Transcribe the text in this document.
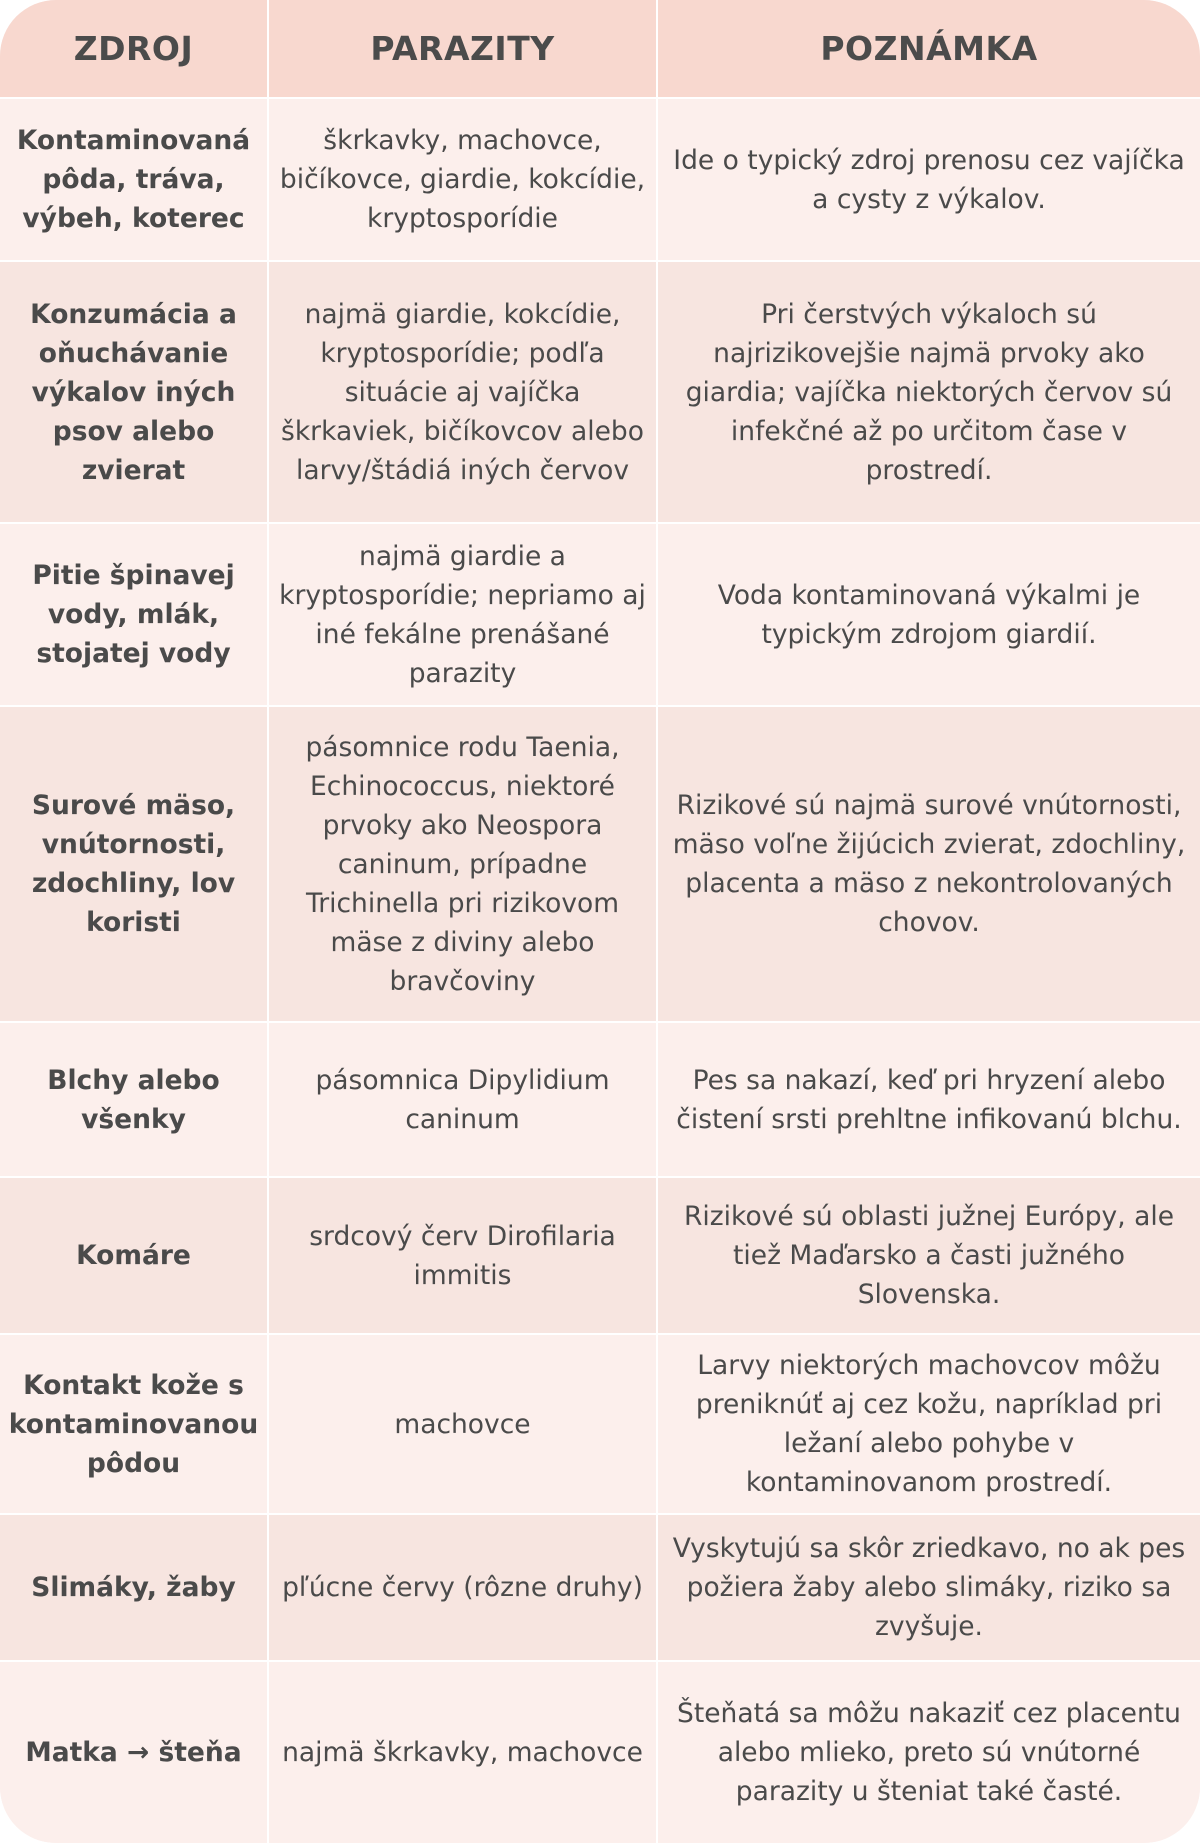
ZDROJ	PARAZITY	POZNÁMKA
Kontaminovaná pôda, tráva, výbeh, koterec	škrkavky, machovce, bičíkovce, giardie, kokcídie, kryptosporídie	Ide o typický zdroj prenosu cez vajíčka a cysty z výkalov.
Konzumácia a oňuchávanie výkalov iných psov alebo zvierat	najmä giardie, kokcídie, kryptosporídie; podľa situácie aj vajíčka škrkaviek, bičíkovcov alebo larvy/štádiá iných červov	Pri čerstvých výkaloch sú najrizikovejšie najmä prvoky ako giardia; vajíčka niektorých červov sú infekčné až po určitom čase v prostredí.
Pitie špinavej vody, mlák, stojatej vody	najmä giardie a kryptosporídie; nepriamo aj iné fekálne prenášané parazity	Voda kontaminovaná výkalmi je typickým zdrojom giardií.
Surové mäso, vnútornosti, zdochliny, lov koristi	pásomnice rodu Taenia, Echinococcus, niektoré prvoky ako Neospora caninum, prípadne Trichinella pri rizikovom mäse z diviny alebo bravčoviny	Rizikové sú najmä surové vnútornosti, mäso voľne žijúcich zvierat, zdochliny, placenta a mäso z nekontrolovaných chovov.
Blchy alebo všenky	pásomnica Dipylidium caninum	Pes sa nakazí, keď pri hryzení alebo čistení srsti prehltne infikovanú blchu.
Komáre	srdcový červ Dirofilaria immitis	Rizikové sú oblasti južnej Európy, ale tiež Maďarsko a časti južného Slovenska.
Kontakt kože s kontaminovanou pôdou	machovce	Larvy niektorých machovcov môžu preniknúť aj cez kožu, napríklad pri ležaní alebo pohybe v kontaminovanom prostredí.
Slimáky, žaby	pľúcne červy (rôzne druhy)	Vyskytujú sa skôr zriedkavo, no ak pes požiera žaby alebo slimáky, riziko sa zvyšuje.
Matka → šteňa	najmä škrkavky, machovce	Šteňatá sa môžu nakaziť cez placentu alebo mlieko, preto sú vnútorné parazity u šteniat také časté.
